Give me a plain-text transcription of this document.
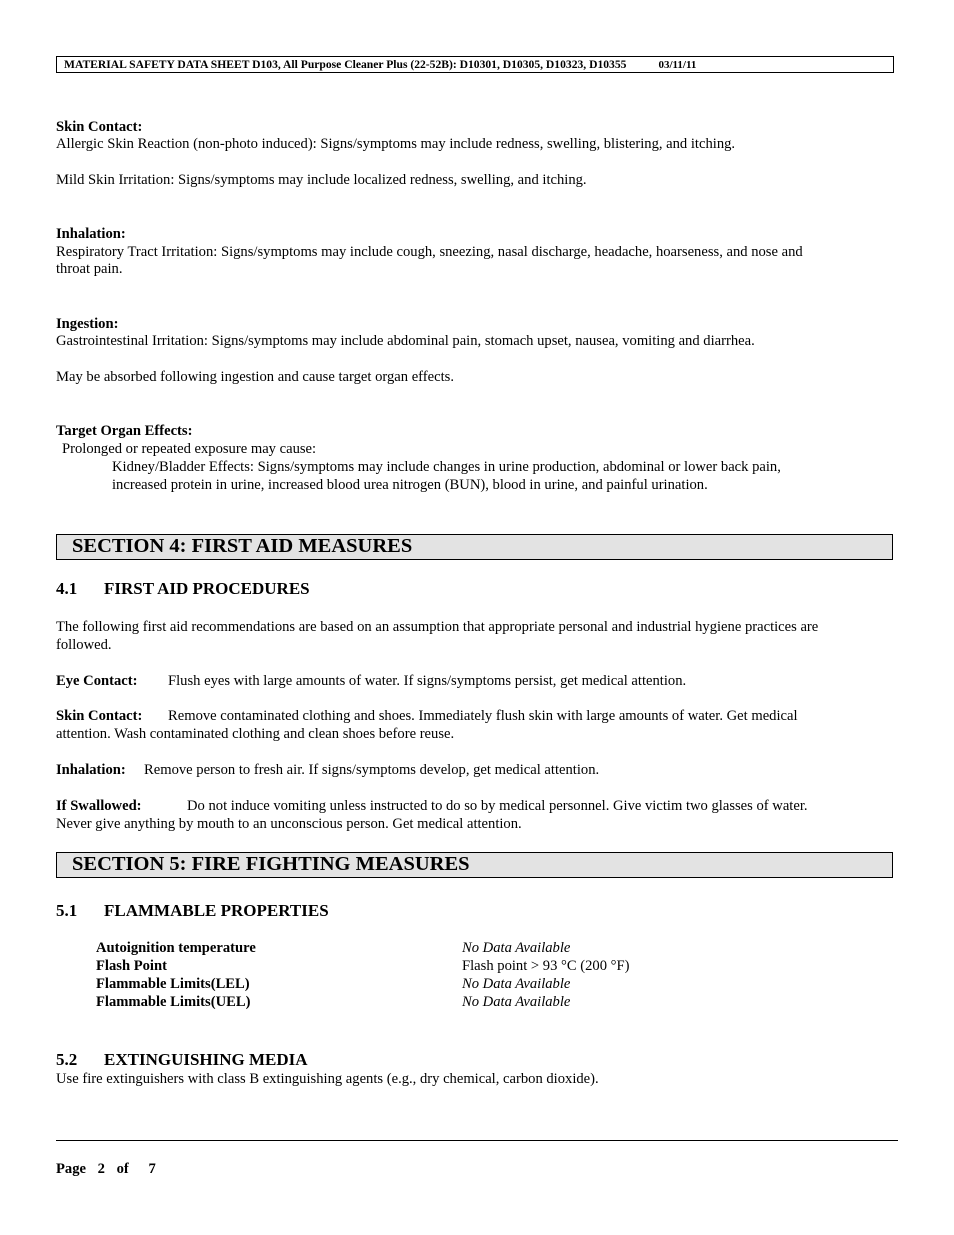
MATERIAL SAFETY DATA SHEET D103, All Purpose Cleaner Plus (22-52B): D10301, D10305, D10323, D10355	03/11/11
Skin Contact:
Allergic Skin Reaction (non-photo induced): Signs/symptoms may include redness, swelling, blistering, and itching.
Mild Skin Irritation: Signs/symptoms may include localized redness, swelling, and itching.
Inhalation:
Respiratory Tract Irritation: Signs/symptoms may include cough, sneezing, nasal discharge, headache, hoarseness, and nose and
throat pain.
Ingestion:
Gastrointestinal Irritation: Signs/symptoms may include abdominal pain, stomach upset, nausea, vomiting and diarrhea.
May be absorbed following ingestion and cause target organ effects.
Target Organ Effects:
Prolonged or repeated exposure may cause:
Kidney/Bladder Effects: Signs/symptoms may include changes in urine production, abdominal or lower back pain,
increased protein in urine, increased blood urea nitrogen (BUN), blood in urine, and painful urination.
SECTION 4: FIRST AID MEASURES
4.1 FIRST AID PROCEDURES
The following first aid recommendations are based on an assumption that appropriate personal and industrial hygiene practices are
followed.
Eye Contact: Flush eyes with large amounts of water. If signs/symptoms persist, get medical attention.
Skin Contact: Remove contaminated clothing and shoes. Immediately flush skin with large amounts of water. Get medical
attention. Wash contaminated clothing and clean shoes before reuse.
Inhalation: Remove person to fresh air. If signs/symptoms develop, get medical attention.
If Swallowed:	Do not induce vomiting unless instructed to do so by medical personnel. Give victim two glasses of water.
Never give anything by mouth to an unconscious person. Get medical attention.
SECTION 5: FIRE FIGHTING MEASURES
5.1 FLAMMABLE PROPERTIES
Autoignition temperature	No Data Available
Flash Point	Flash point > 93 °C (200 °F)
Flammable Limits(LEL)	No Data Available
Flammable Limits(UEL)	No Data Available
5.2 EXTINGUISHING MEDIA
Use fire extinguishers with class B extinguishing agents (e.g., dry chemical, carbon dioxide).
Page 2 of 7
